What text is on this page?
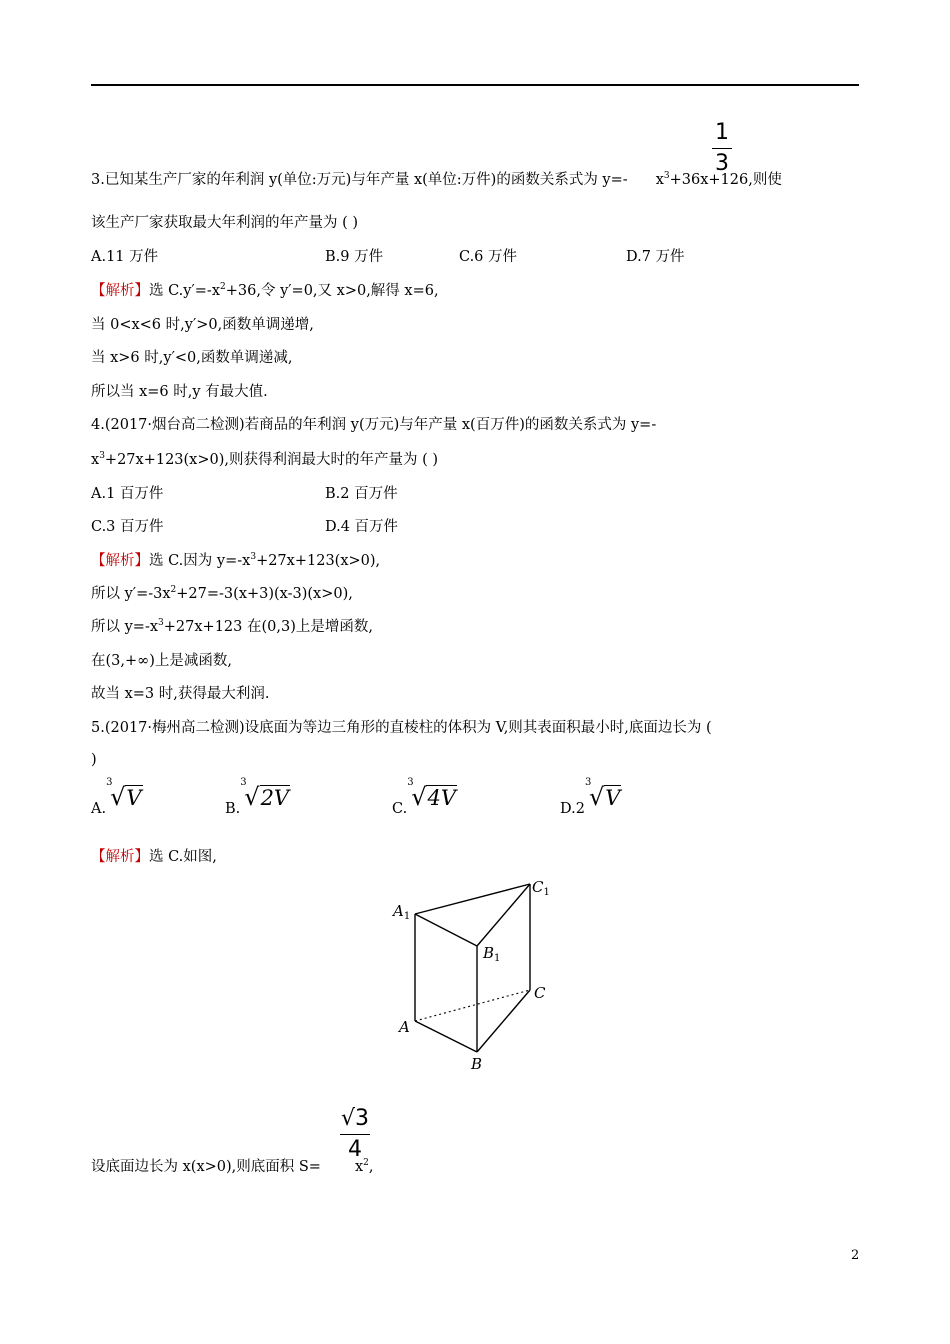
1
3
3.已知某生产厂家的年利润 y(单位:万元)与年产量 x(单位:万件)的函数关系式为 y=- $x^3+36x+126$,则使
该生产厂家获取最大年利润的年产量为 ( )
A.11 万件	B.9 万件	C.6 万件	D.7 万件
【解析】选 $C.y'=-x^2+36$,令 y′=0,又 x>0,解得 x=6,
当 0<x<6 时,y′>0,函数单调递增,
当 x>6 时,y′<0,函数单调递减,
所以当 x=6 时,y 有最大值.
4.(2017·烟台高二检测)若商品的年利润 y(万元)与年产量 x(百万件)的函数关系式为 y=-
$x^3+27x+123(x>0)$,则获得利润最大时的年产量为 ( )
A.1 百万件	B.2 百万件
C.3 百万件	D.4 百万件
【解析】选 C.因为 $y=-x^3+27x+123(x>0)$,
所以 $y'=-3x^2+27=-3(x+3)(x-3)(x>0)$,
所以 $y=-x^3+27x+123$ 在(0,3)上是增函数,
在(3,+∞)上是减函数,
故当 x=3 时,获得最大利润.
5.(2017·梅州高二检测)设底面为等边三角形的直棱柱的体积为 V,则其表面积最小时,底面边长为 (
)
A.
3
√V	B.
3
√2V	C.
3
√4V	D.2
3
√V
【解析】选 C.如图,
$A_1$
$C_1$
$B_1$
C
A
B
√3
4
设底面边长为 x(x>0),则底面积 $S= x^2$,
2
